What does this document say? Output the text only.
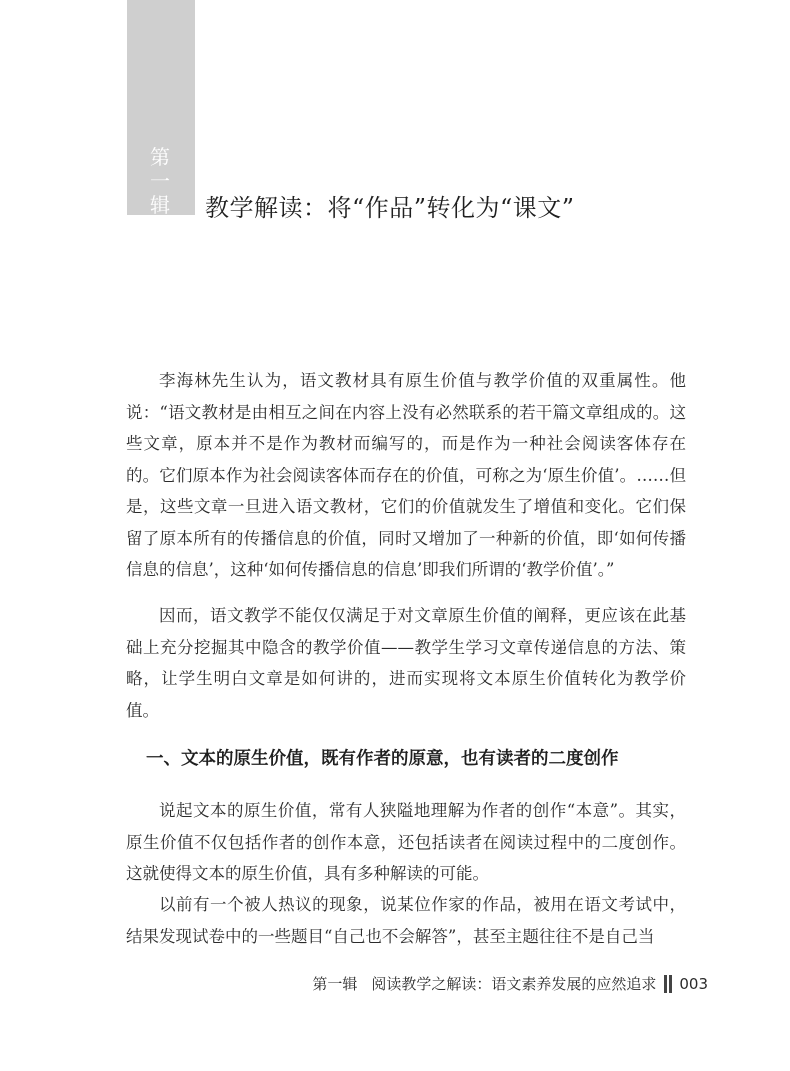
第
一
辑	教学解读：将“作品”转化为“课文”

李海林先生认为，语文教材具有原生价值与教学价值的双重属性。他说：“语文教材是由相互之间在内容上没有必然联系的若干篇文章组成的。这些文章，原本并不是作为教材而编写的，而是作为一种社会阅读客体存在的。它们原本作为社会阅读客体而存在的价值，可称之为‘原生价值’。……但是，这些文章一旦进入语文教材，它们的价值就发生了增值和变化。它们保留了原本所有的传播信息的价值，同时又增加了一种新的价值，即‘如何传播信息的信息’，这种‘如何传播信息的信息’即我们所谓的‘教学价值’。”

因而，语文教学不能仅仅满足于对文章原生价值的阐释，更应该在此基础上充分挖掘其中隐含的教学价值——教学生学习文章传递信息的方法、策略，让学生明白文章是如何讲的，进而实现将文本原生价值转化为教学价值。

一、文本的原生价值，既有作者的原意，也有读者的二度创作

说起文本的原生价值，常有人狭隘地理解为作者的创作“本意”。其实，原生价值不仅包括作者的创作本意，还包括读者在阅读过程中的二度创作。这就使得文本的原生价值，具有多种解读的可能。

以前有一个被人热议的现象，说某位作家的作品，被用在语文考试中，结果发现试卷中的一些题目“自己也不会解答”，甚至主题往往不是自己当

第一辑 阅读教学之解读：语文素养发展的应然追求 003
